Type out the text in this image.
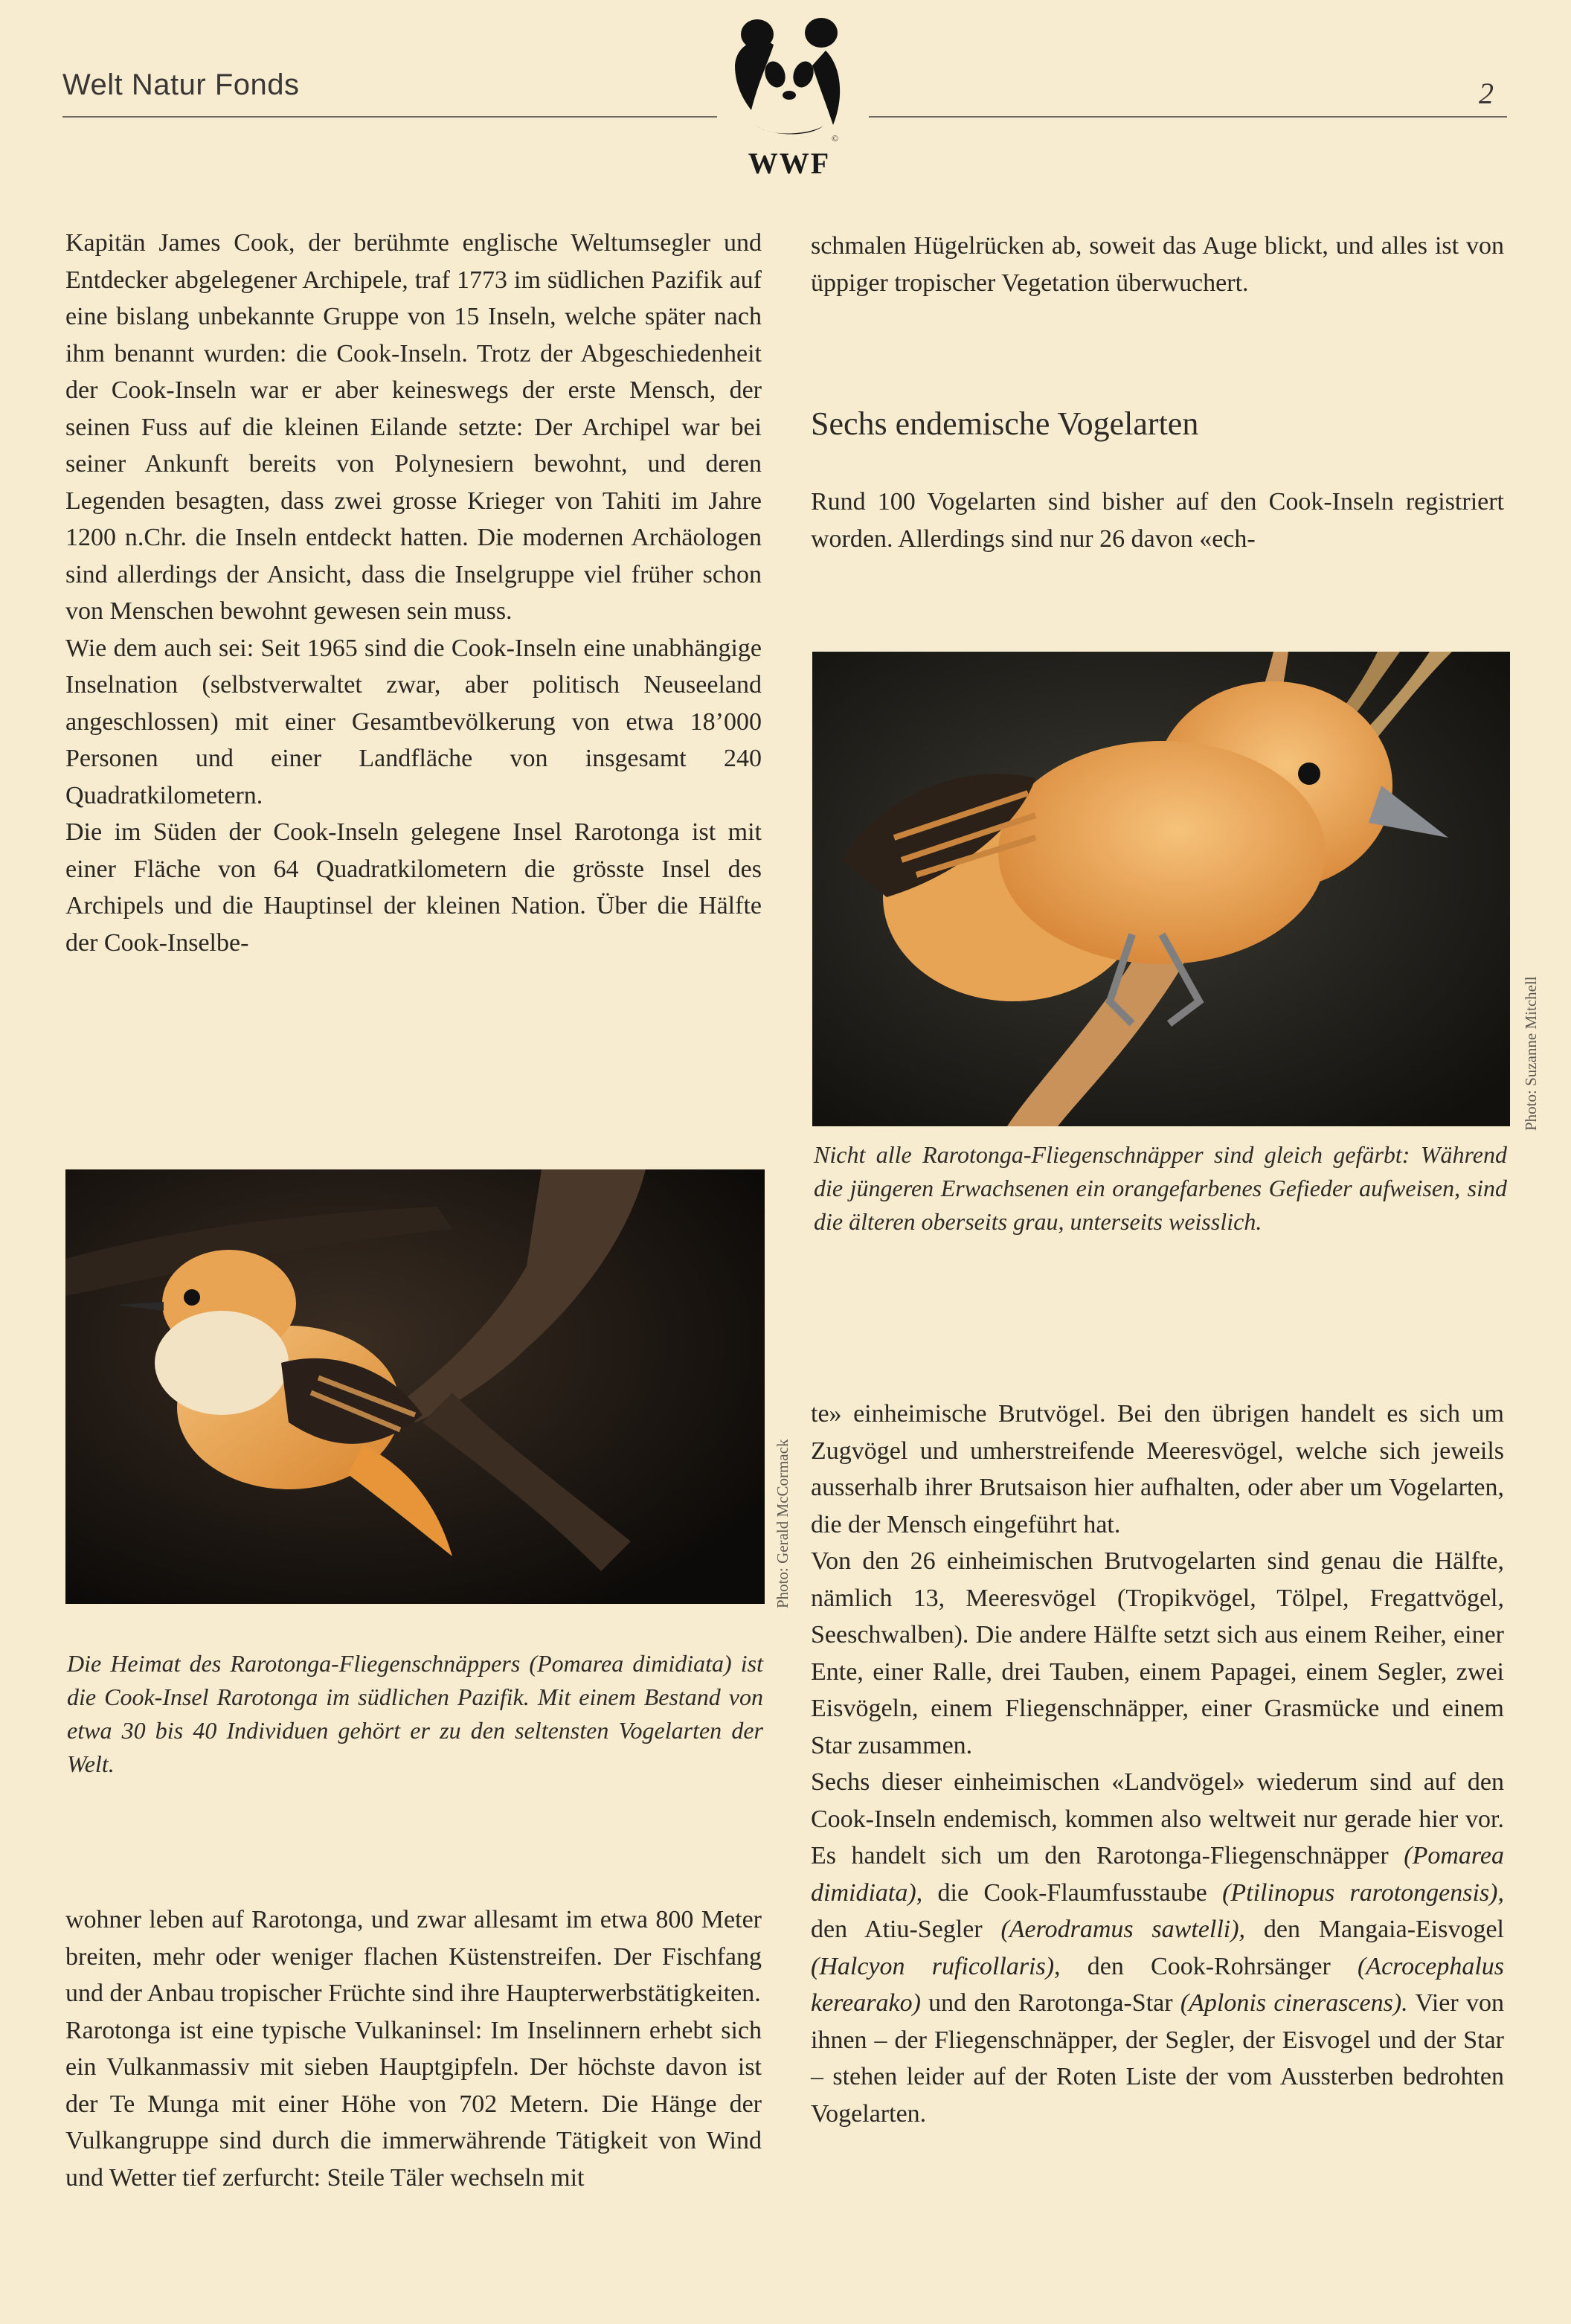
Welt Natur Fonds	2
©
WWF

Kapitän James Cook, der berühmte englische Weltumsegler und Entdecker abgelegener Archipele, traf 1773 im südlichen Pazifik auf eine bislang unbekannte Gruppe von 15 Inseln, welche später nach ihm benannt wurden: die Cook-Inseln. Trotz der Abgeschiedenheit der Cook-Inseln war er aber keineswegs der erste Mensch, der seinen Fuss auf die kleinen Eilande setzte: Der Archipel war bei seiner Ankunft bereits von Polynesiern bewohnt, und deren Legenden besagten, dass zwei grosse Krieger von Tahiti im Jahre 1200 n.Chr. die Inseln entdeckt hatten. Die modernen Archäologen sind allerdings der Ansicht, dass die Inselgruppe viel früher schon von Menschen bewohnt gewesen sein muss.

Wie dem auch sei: Seit 1965 sind die Cook-Inseln eine unabhängige Inselnation (selbstverwaltet zwar, aber politisch Neuseeland angeschlossen) mit einer Gesamtbevölkerung von etwa 18’000 Personen und einer Landfläche von insgesamt 240 Quadratkilometern.

Die im Süden der Cook-Inseln gelegene Insel Rarotonga ist mit einer Fläche von 64 Quadratkilometern die grösste Insel des Archipels und die Hauptinsel der kleinen Nation. Über die Hälfte der Cook-Inselbe-

schmalen Hügelrücken ab, soweit das Auge blickt, und alles ist von üppiger tropischer Vegetation überwuchert.

Sechs endemische Vogelarten

Rund 100 Vogelarten sind bisher auf den Cook-Inseln registriert worden. Allerdings sind nur 26 davon «ech-

Photo: Suzanne Mitchell
Nicht alle Rarotonga-Fliegenschnäpper sind gleich gefärbt: Während die jüngeren Erwachsenen ein orangefarbenes Gefieder aufweisen, sind die älteren oberseits grau, unterseits weisslich.
Photo: Gerald McCormack
Die Heimat des Rarotonga-Fliegenschnäppers (Pomarea dimidiata) ist die Cook-Insel Rarotonga im südlichen Pazifik. Mit einem Bestand von etwa 30 bis 40 Individuen gehört er zu den seltensten Vogelarten der Welt.

te» einheimische Brutvögel. Bei den übrigen handelt es sich um Zugvögel und umherstreifende Meeresvögel, welche sich jeweils ausserhalb ihrer Brutsaison hier aufhalten, oder aber um Vogelarten, die der Mensch eingeführt hat.

Von den 26 einheimischen Brutvogelarten sind genau die Hälfte, nämlich 13, Meeresvögel (Tropikvögel, Tölpel, Fregattvögel, Seeschwalben). Die andere Hälfte setzt sich aus einem Reiher, einer Ente, einer Ralle, drei Tauben, einem Papagei, einem Segler, zwei Eisvögeln, einem Fliegenschnäpper, einer Grasmücke und einem Star zusammen.

Sechs dieser einheimischen «Landvögel» wiederum sind auf den Cook-Inseln endemisch, kommen also weltweit nur gerade hier vor. Es handelt sich um den Rarotonga-Fliegenschnäpper (Pomarea dimidiata), die Cook-Flaumfusstaube (Ptilinopus rarotongensis), den Atiu-Segler (Aerodramus sawtelli), den Mangaia-Eisvogel (Halcyon ruficollaris), den Cook-Rohrsänger (Acrocephalus kerearako) und den Rarotonga-Star (Aplonis cinerascens). Vier von ihnen – der Fliegenschnäpper, der Segler, der Eisvogel und der Star – stehen leider auf der Roten Liste der vom Aussterben bedrohten Vogelarten.

wohner leben auf Rarotonga, und zwar allesamt im etwa 800 Meter breiten, mehr oder weniger flachen Küstenstreifen. Der Fischfang und der Anbau tropischer Früchte sind ihre Haupterwerbstätigkeiten.

Rarotonga ist eine typische Vulkaninsel: Im Inselinnern erhebt sich ein Vulkanmassiv mit sieben Hauptgipfeln. Der höchste davon ist der Te Munga mit einer Höhe von 702 Metern. Die Hänge der Vulkangruppe sind durch die immerwährende Tätigkeit von Wind und Wetter tief zerfurcht: Steile Täler wechseln mit
